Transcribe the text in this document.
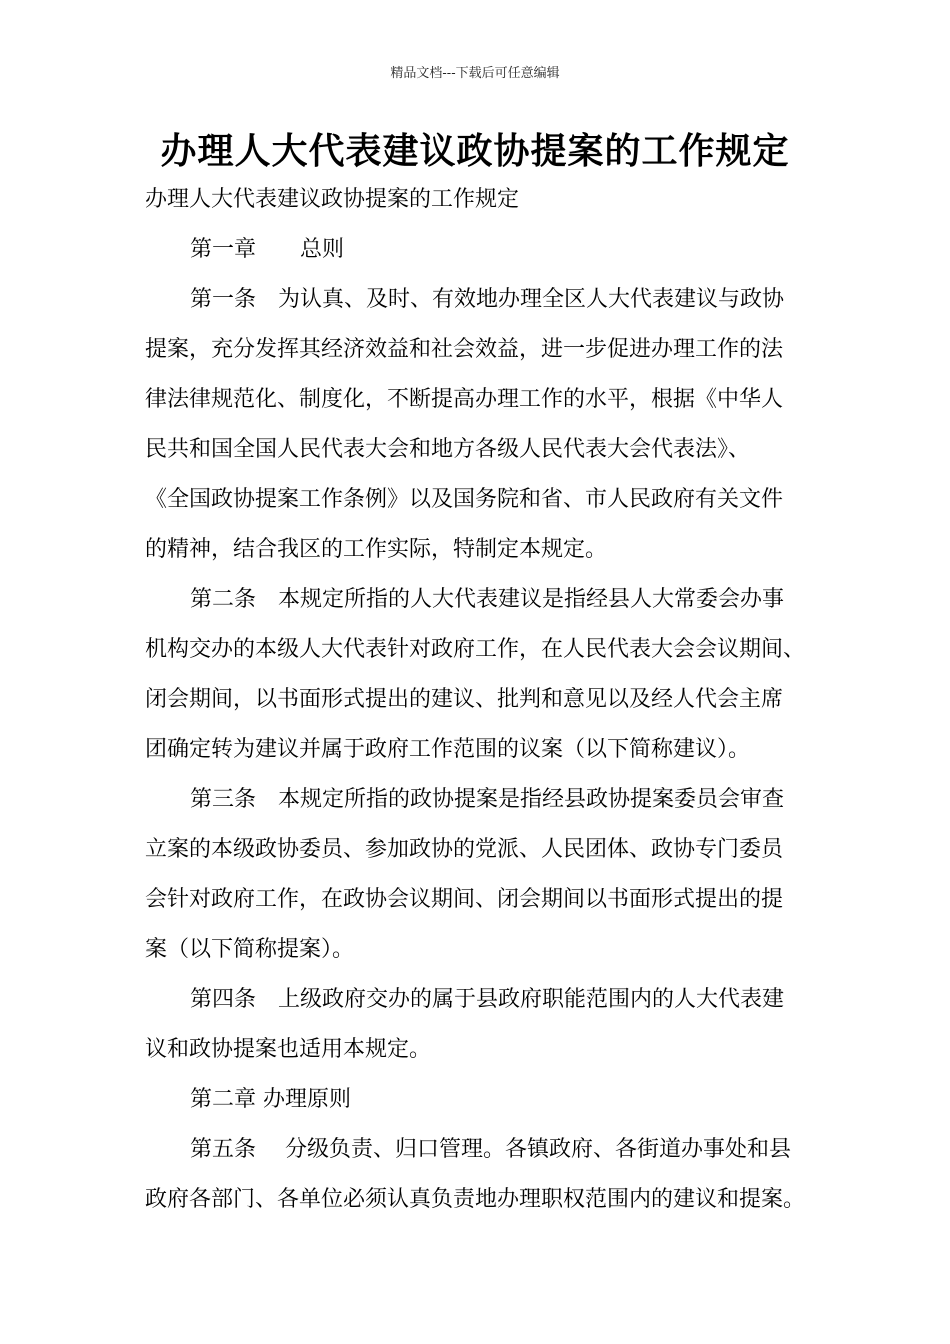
精品文档---下载后可任意编辑
办理人大代表建议政协提案的工作规定
办理人大代表建议政协提案的工作规定
第一章　　总则
第一条　为认真、及时、有效地办理全区人大代表建议与政协
提案，充分发挥其经济效益和社会效益，进一步促进办理工作的法
律法律规范化、制度化，不断提高办理工作的水平，根据《中华人
民共和国全国人民代表大会和地方各级人民代表大会代表法》、
《全国政协提案工作条例》以及国务院和省、市人民政府有关文件
的精神，结合我区的工作实际，特制定本规定。
第二条　本规定所指的人大代表建议是指经县人大常委会办事
机构交办的本级人大代表针对政府工作，在人民代表大会会议期间、
闭会期间，以书面形式提出的建议、批判和意见以及经人代会主席
团确定转为建议并属于政府工作范围的议案（以下简称建议）。
第三条　本规定所指的政协提案是指经县政协提案委员会审查
立案的本级政协委员、参加政协的党派、人民团体、政协专门委员
会针对政府工作，在政协会议期间、闭会期间以书面形式提出的提
案（以下简称提案）。
第四条　上级政府交办的属于县政府职能范围内的人大代表建
议和政协提案也适用本规定。
第二章 办理原则
第五条　 分级负责、归口管理。各镇政府、各街道办事处和县
政府各部门、各单位必须认真负责地办理职权范围内的建议和提案。
